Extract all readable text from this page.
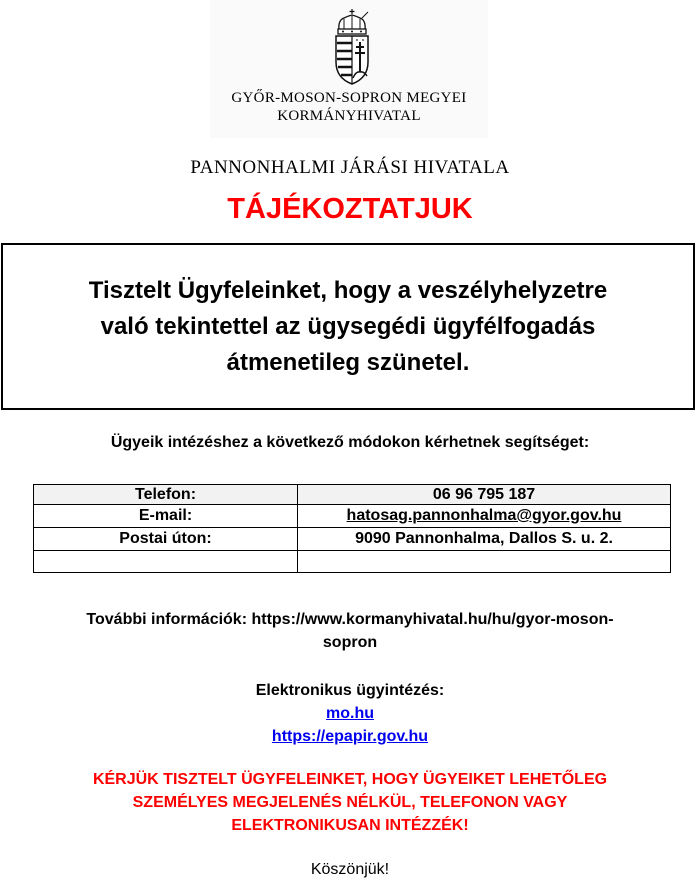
GYŐR-MOSON-SOPRON MEGYEI
KORMÁNYHIVATAL
PANNONHALMI JÁRÁSI HIVATALA
TÁJÉKOZTATJUK
Tisztelt Ügyfeleinket, hogy a veszélyhelyzetre való tekintettel az ügysegédi ügyfélfogadás átmenetileg szünetel.
Ügyeik intézéshez a következő módokon kérhetnek segítséget:
Telefon:	06 96 795 187
E-mail:	hatosag.pannonhalma@gyor.gov.hu
Postai úton:	9090 Pannonhalma, Dallos S. u. 2.

További információk: https://www.kormanyhivatal.hu/hu/gyor-moson-
sopron
Elektronikus ügyintézés:
mo.hu
https://epapir.gov.hu
KÉRJÜK TISZTELT ÜGYFELEINKET, HOGY ÜGYEIKET LEHETŐLEG
SZEMÉLYES MEGJELENÉS NÉLKÜL, TELEFONON VAGY
ELEKTRONIKUSAN INTÉZZÉK!
Köszönjük!
